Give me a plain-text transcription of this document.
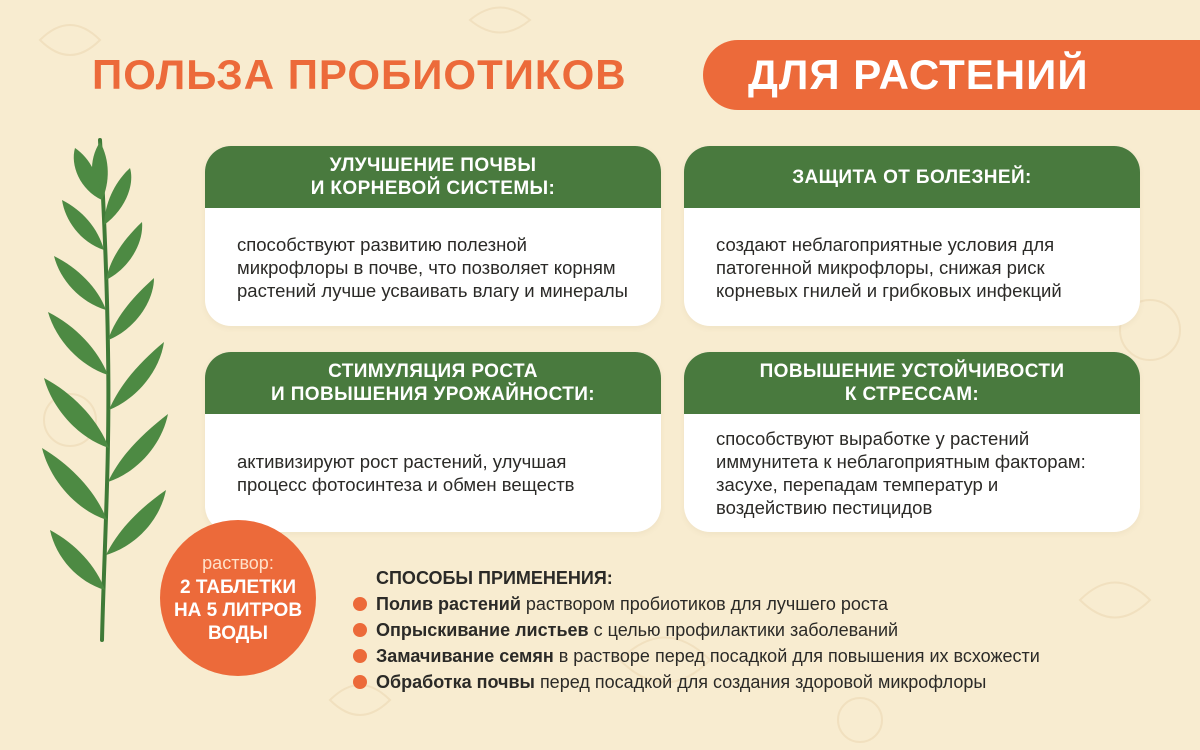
ПОЛЬЗА ПРОБИОТИКОВ	ДЛЯ РАСТЕНИЙ
УЛУЧШЕНИЕ ПОЧВЫ
И КОРНЕВОЙ СИСТЕМЫ:
способствуют развитию полезной микрофлоры в почве, что позволяет корням растений лучше усваивать влагу и минералы
ЗАЩИТА ОТ БОЛЕЗНЕЙ:
создают неблагоприятные условия для патогенной микрофлоры, снижая риск корневых гнилей и грибковых инфекций
СТИМУЛЯЦИЯ РОСТА
И ПОВЫШЕНИЯ УРОЖАЙНОСТИ:
активизируют рост растений, улучшая процесс фотосинтеза и обмен веществ
ПОВЫШЕНИЕ УСТОЙЧИВОСТИ
К СТРЕССАМ:
способствуют выработке у растений иммунитета к неблагоприятным факторам: засухе, перепадам температур и воздействию пестицидов
раствор:
2 ТАБЛЕТКИ
НА 5 ЛИТРОВ
ВОДЫ
СПОСОБЫ ПРИМЕНЕНИЯ:
Полив растений раствором пробиотиков для лучшего роста
Опрыскивание листьев с целью профилактики заболеваний
Замачивание семян в растворе перед посадкой для повышения их всхожести
Обработка почвы перед посадкой для создания здоровой микрофлоры
